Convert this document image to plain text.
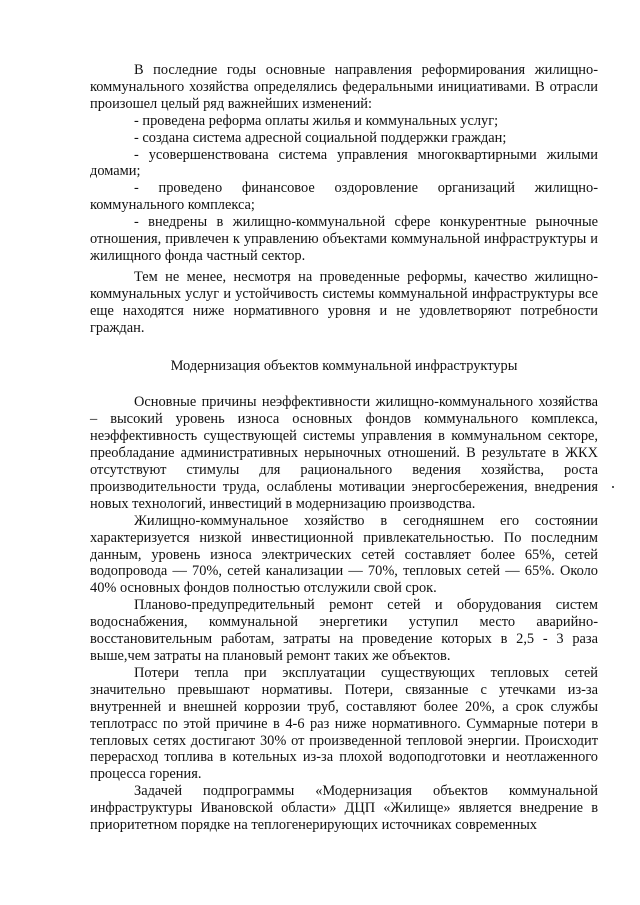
В последние годы основные направления реформирования жилищно-коммунального хозяйства определялись федеральными инициативами. В отрасли произошел целый ряд важнейших изменений:

- проведена реформа оплаты жилья и коммунальных услуг;

- создана система адресной социальной поддержки граждан;

- усовершенствована система управления многоквартирными жилыми домами;

- проведено финансовое оздоровление организаций жилищно-коммунального комплекса;

- внедрены в жилищно-коммунальной сфере конкурентные рыночные отношения, привлечен к управлению объектами коммунальной инфраструктуры и жилищного фонда частный сектор.

Тем не менее, несмотря на проведенные реформы, качество жилищно-коммунальных услуг и устойчивость системы коммунальной инфраструктуры все еще находятся ниже нормативного уровня и не удовлетворяют потребности граждан.

Модернизация объектов коммунальной инфраструктуры

Основные причины неэффективности жилищно-коммунального хозяйства – высокий уровень износа основных фондов коммунального комплекса, неэффективность существующей системы управления в коммунальном секторе, преобладание административных нерыночных отношений. В результате в ЖКХ отсутствуют стимулы для рационального ведения хозяйства, роста производительности труда, ослаблены мотивации энергосбережения, внедрения новых технологий, инвестиций в модернизацию производства.

Жилищно-коммунальное хозяйство в сегодняшнем его состоянии характеризуется низкой инвестиционной привлекательностью. По последним данным, уровень износа электрических сетей составляет более 65%, сетей водопровода — 70%, сетей канализации — 70%, тепловых сетей — 65%. Около 40% основных фондов полностью отслужили свой срок.

Планово-предупредительный ремонт сетей и оборудования систем водоснабжения, коммунальной энергетики уступил место аварийно-восстановительным работам, затраты на проведение которых в 2,5 - 3 раза выше,чем затраты на плановый ремонт таких же объектов.

Потери тепла при эксплуатации существующих тепловых сетей значительно превышают нормативы. Потери, связанные с утечками из-за внутренней и внешней коррозии труб, составляют более 20%, а срок службы теплотрасс по этой причине в 4-6 раз ниже нормативного. Суммарные потери в тепловых сетях достигают 30% от произведенной тепловой энергии. Происходит перерасход топлива в котельных из-за плохой водоподготовки и неотлаженного процесса горения.

Задачей подпрограммы «Модернизация объектов коммунальной инфраструктуры Ивановской области» ДЦП «Жилище» является внедрение в приоритетном порядке на теплогенерирующих источниках современных
